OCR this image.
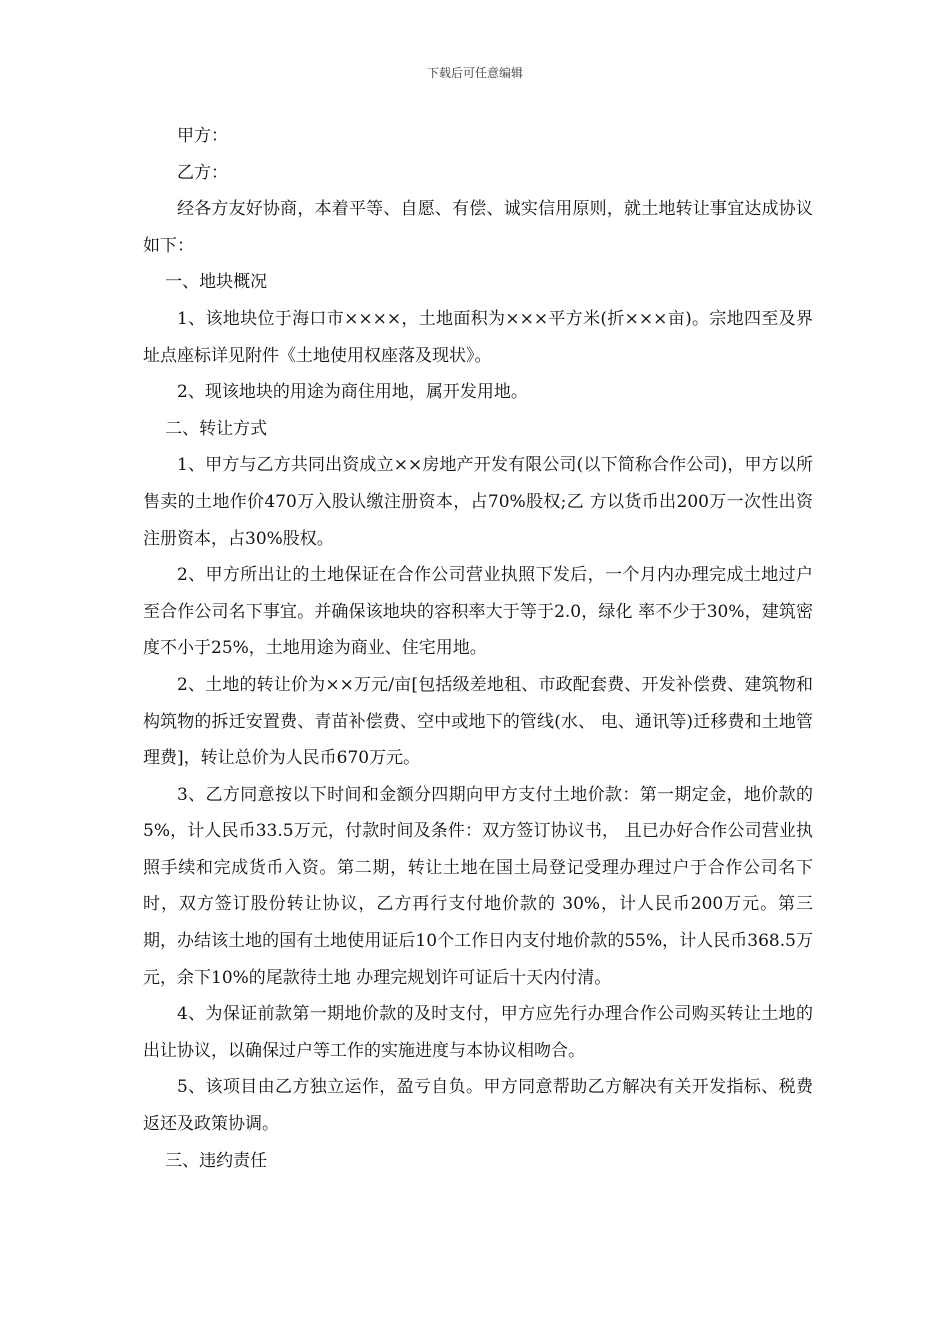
下载后可任意编辑

甲方：

乙方：

经各方友好协商，本着平等、自愿、有偿、诚实信用原则，就土地转让事宜达成协议如下：

一、地块概况

1、该地块位于海口市××××，土地面积为×××平方米(折×××亩)。宗地四至及界址点座标详见附件《土地使用权座落及现状》。

2、现该地块的用途为商住用地，属开发用地。

二、转让方式

1、甲方与乙方共同出资成立××房地产开发有限公司(以下简称合作公司)，甲方以所售卖的土地作价470万入股认缴注册资本，占70%股权;乙 方以货币出200万一次性出资注册资本，占30%股权。

2、甲方所出让的土地保证在合作公司营业执照下发后，一个月内办理完成土地过户至合作公司名下事宜。并确保该地块的容积率大于等于2.0，绿化 率不少于30%，建筑密度不小于25%，土地用途为商业、住宅用地。

2、土地的转让价为××万元/亩[包括级差地租、市政配套费、开发补偿费、建筑物和构筑物的拆迁安置费、青苗补偿费、空中或地下的管线(水、 电、通讯等)迁移费和土地管理费]，转让总价为人民币670万元。

3、乙方同意按以下时间和金额分四期向甲方支付土地价款：第一期定金，地价款的5%，计人民币33.5万元，付款时间及条件：双方签订协议书， 且已办好合作公司营业执照手续和完成货币入资。第二期，转让土地在国土局登记受理办理过户于合作公司名下时，双方签订股份转让协议，乙方再行支付地价款的 30%，计人民币200万元。第三期，办结该土地的国有土地使用证后10个工作日内支付地价款的55%，计人民币368.5万元，余下10%的尾款待土地 办理完规划许可证后十天内付清。

4、为保证前款第一期地价款的及时支付，甲方应先行办理合作公司购买转让土地的出让协议，以确保过户等工作的实施进度与本协议相吻合。

5、该项目由乙方独立运作，盈亏自负。甲方同意帮助乙方解决有关开发指标、税费返还及政策协调。

三、违约责任
